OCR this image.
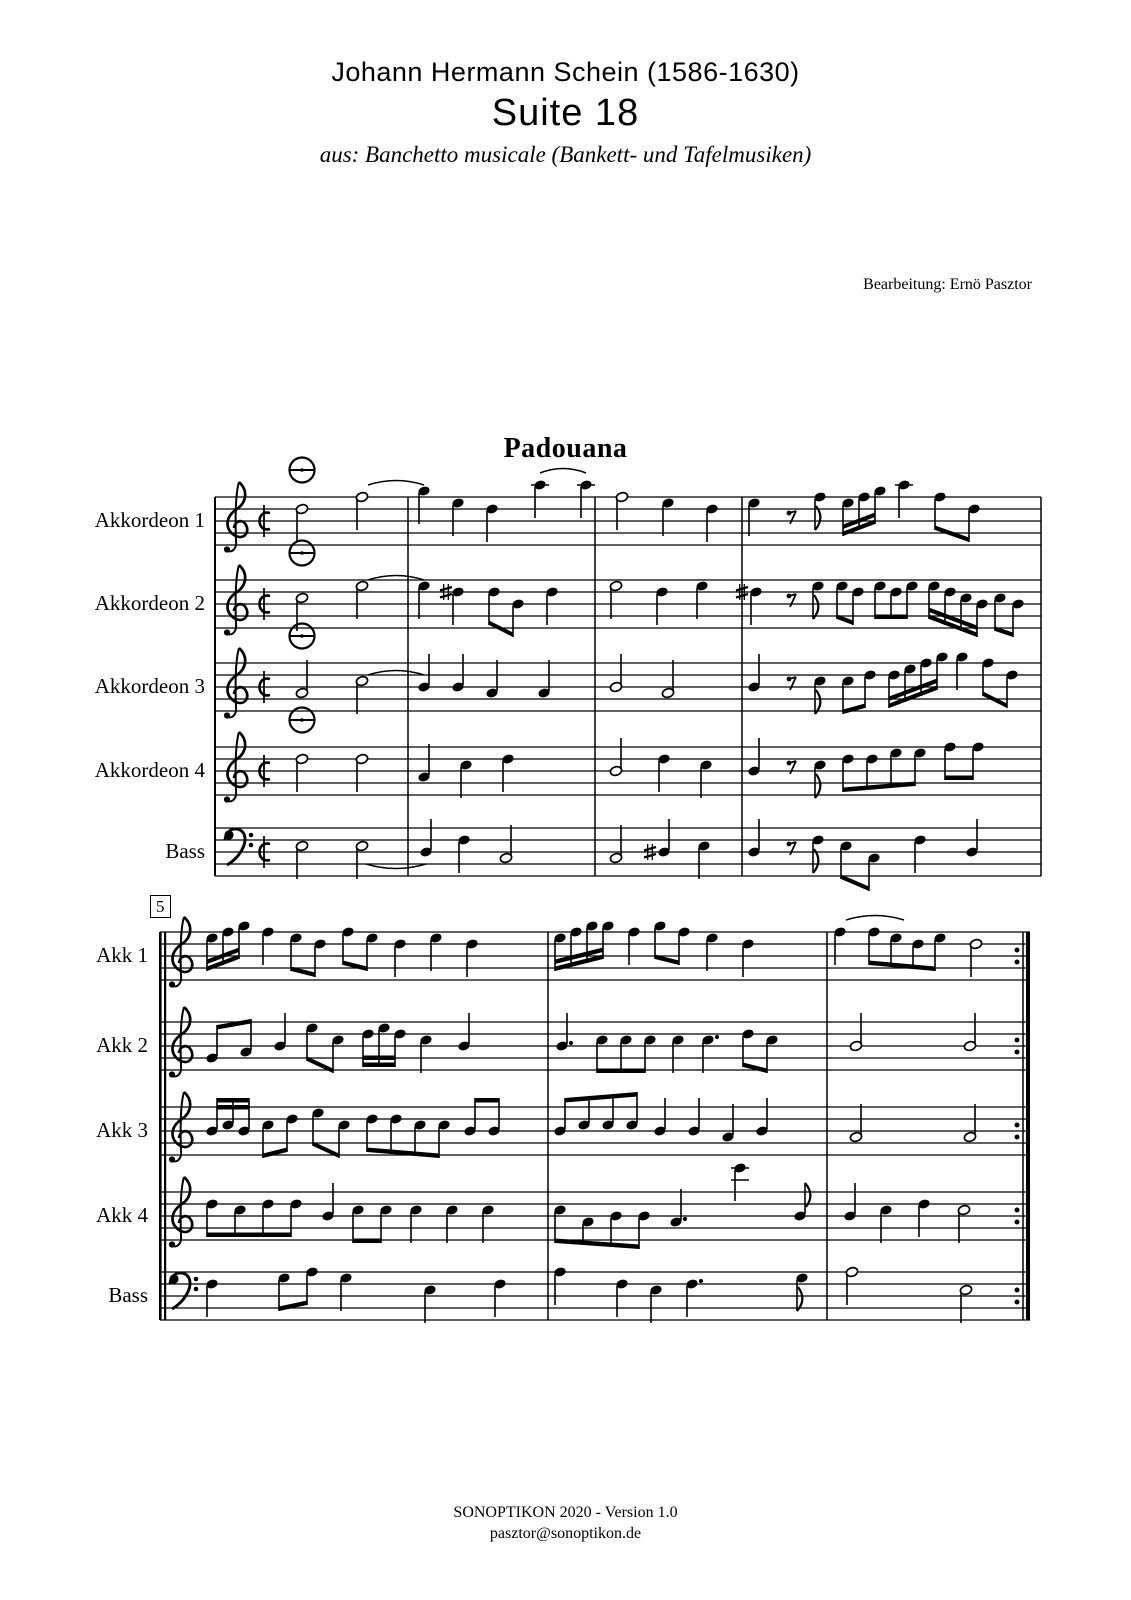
Johann Hermann Schein (1586-1630)
Suite 18
aus: Banchetto musicale (Bankett- und Tafelmusiken)
Bearbeitung: Ernö Pasztor
Padouana
Akkordeon 1
Akkordeon 2
Akkordeon 3
Akkordeon 4
Bass
5
Akk 1
Akk 2
Akk 3
Akk 4
Bass
SONOPTIKON 2020 - Version 1.0
pasztor@sonoptikon.de
